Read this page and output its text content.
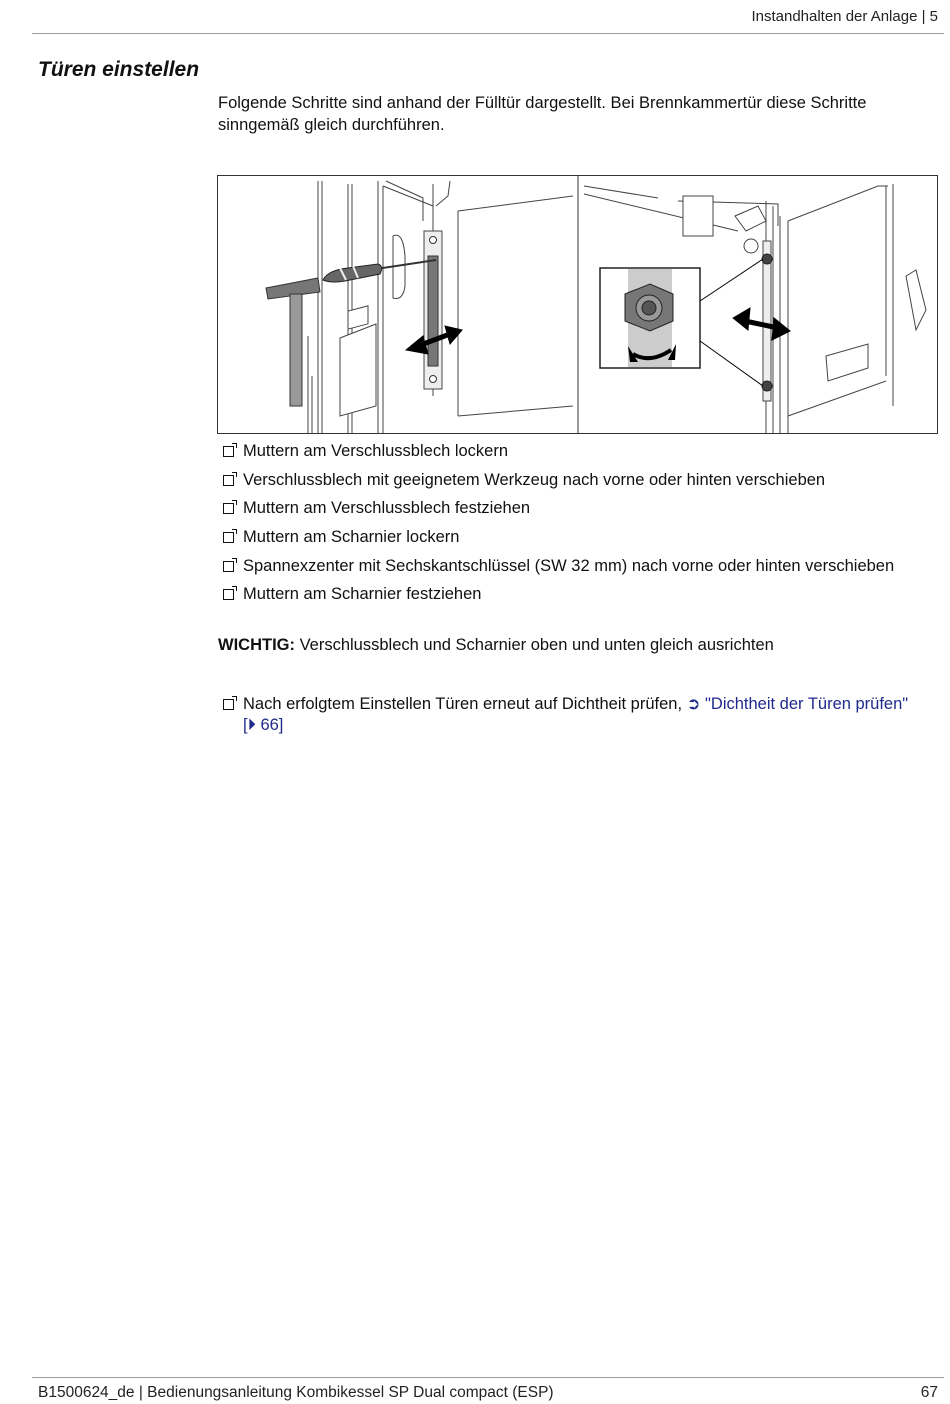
Instandhalten der Anlage | 5
Türen einstellen
Folgende Schritte sind anhand der Fülltür dargestellt. Bei Brennkammertür diese Schritte sinngemäß gleich durchführen.
Muttern am Verschlussblech lockern
Verschlussblech mit geeignetem Werkzeug nach vorne oder hinten verschieben
Muttern am Verschlussblech festziehen
Muttern am Scharnier lockern
Spannexzenter mit Sechskantschlüssel (SW 32 mm) nach vorne oder hinten verschieben
Muttern am Scharnier festziehen
WICHTIG: Verschlussblech und Scharnier oben und unten gleich ausrichten
Nach erfolgtem Einstellen Türen erneut auf Dichtheit prüfen, ➲ "Dichtheit der Türen prüfen" [⏵ 66]
B1500624_de | Bedienungsanleitung Kombikessel SP Dual compact (ESP)	67
